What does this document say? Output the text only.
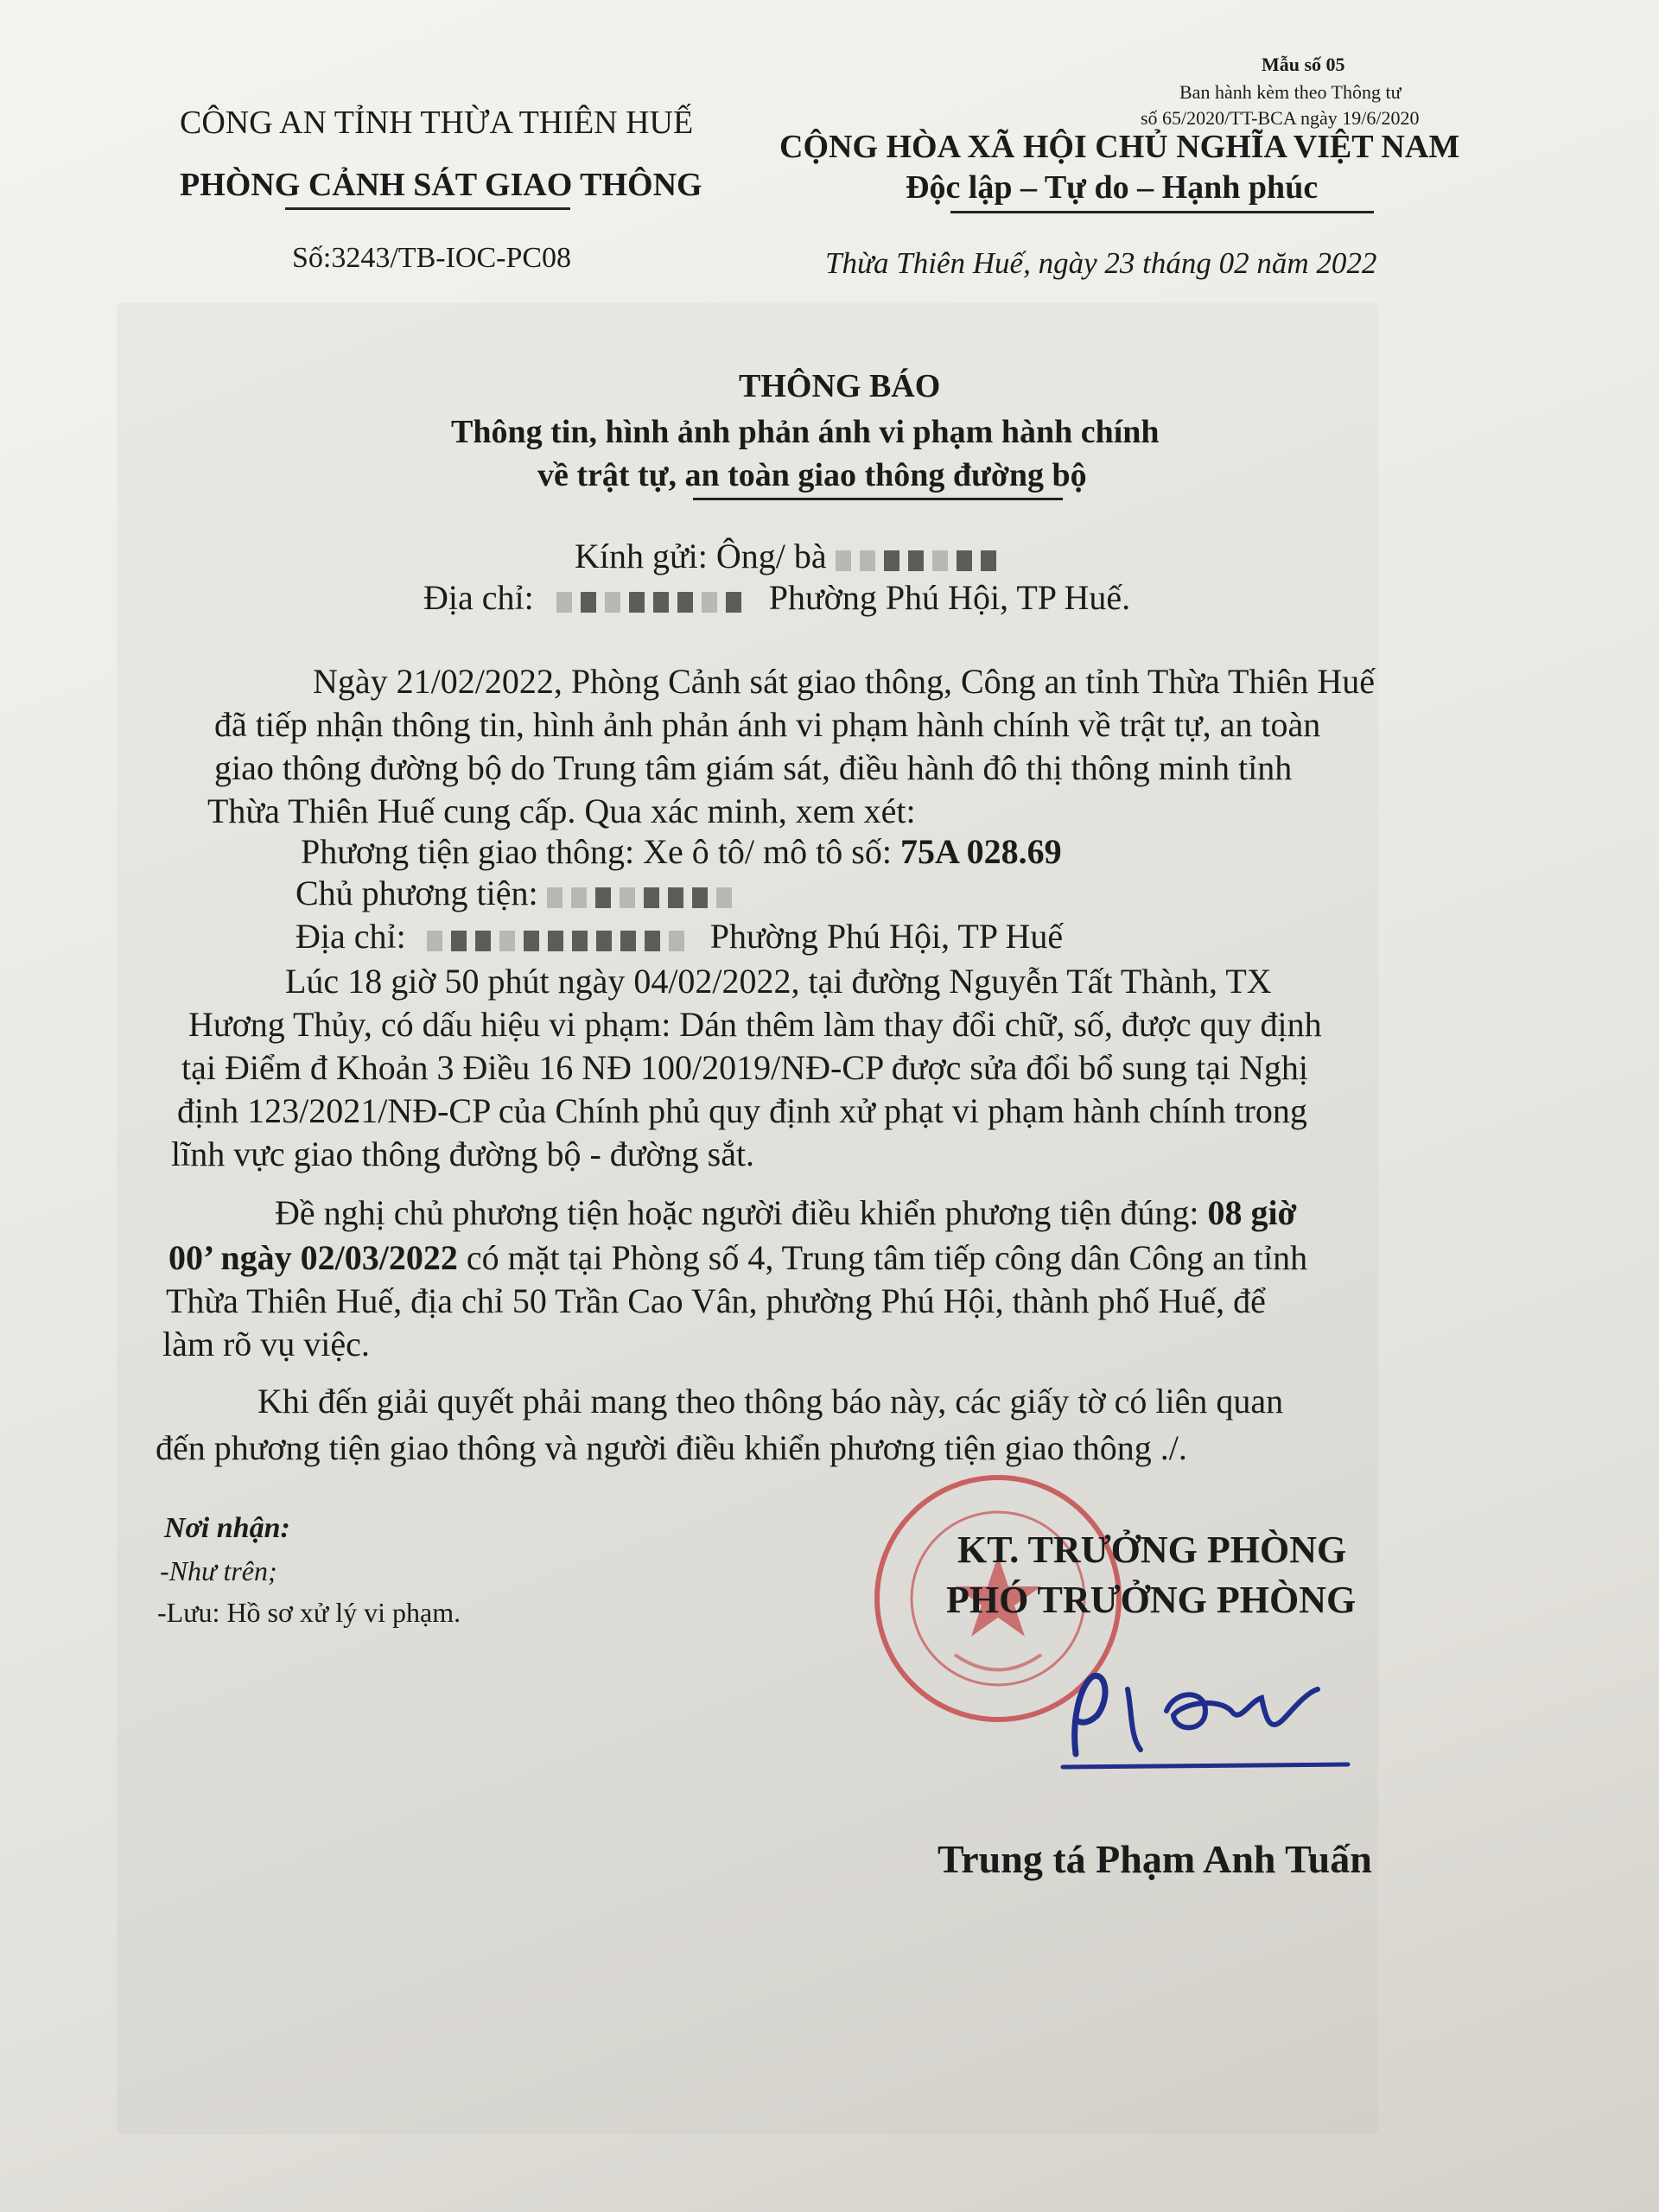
Mẫu số 05
Ban hành kèm theo Thông tư
số 65/2020/TT-BCA ngày 19/6/2020
CÔNG AN TỈNH THỪA THIÊN HUẾ
PHÒNG CẢNH SÁT GIAO THÔNG
Số:3243/TB-IOC-PC08
CỘNG HÒA XÃ HỘI CHỦ NGHĨA VIỆT NAM
Độc lập – Tự do – Hạnh phúc
Thừa Thiên Huế, ngày 23 tháng 02 năm 2022
THÔNG BÁO
Thông tin, hình ảnh phản ánh vi phạm hành chính
về trật tự, an toàn giao thông đường bộ
Kính gửi: Ông/ bà
Địa chỉ:	Phường Phú Hội, TP Huế.
Ngày 21/02/2022, Phòng Cảnh sát giao thông, Công an tỉnh Thừa Thiên Huế
đã tiếp nhận thông tin, hình ảnh phản ánh vi phạm hành chính về trật tự, an toàn
giao thông đường bộ do Trung tâm giám sát, điều hành đô thị thông minh tỉnh
Thừa Thiên Huế cung cấp. Qua xác minh, xem xét:
Phương tiện giao thông: Xe ô tô/ mô tô số: 75A 028.69
Chủ phương tiện:
Địa chỉ:	Phường Phú Hội, TP Huế
Lúc 18 giờ 50 phút ngày 04/02/2022, tại đường Nguyễn Tất Thành, TX
Hương Thủy, có dấu hiệu vi phạm: Dán thêm làm thay đổi chữ, số, được quy định
tại Điểm đ Khoản 3 Điều 16 NĐ 100/2019/NĐ-CP được sửa đổi bổ sung tại Nghị
định 123/2021/NĐ-CP của Chính phủ quy định xử phạt vi phạm hành chính trong
lĩnh vực giao thông đường bộ - đường sắt.
Đề nghị chủ phương tiện hoặc người điều khiển phương tiện đúng: 08 giờ
00’ ngày 02/03/2022 có mặt tại Phòng số 4, Trung tâm tiếp công dân Công an tỉnh
Thừa Thiên Huế, địa chỉ 50 Trần Cao Vân, phường Phú Hội, thành phố Huế, để
làm rõ vụ việc.
Khi đến giải quyết phải mang theo thông báo này, các giấy tờ có liên quan
đến phương tiện giao thông và người điều khiển phương tiện giao thông ./.
Nơi nhận:
-Như trên;
-Lưu: Hồ sơ xử lý vi phạm.
KT. TRƯỞNG PHÒNG
PHÓ TRƯỞNG PHÒNG
Trung tá Phạm Anh Tuấn
